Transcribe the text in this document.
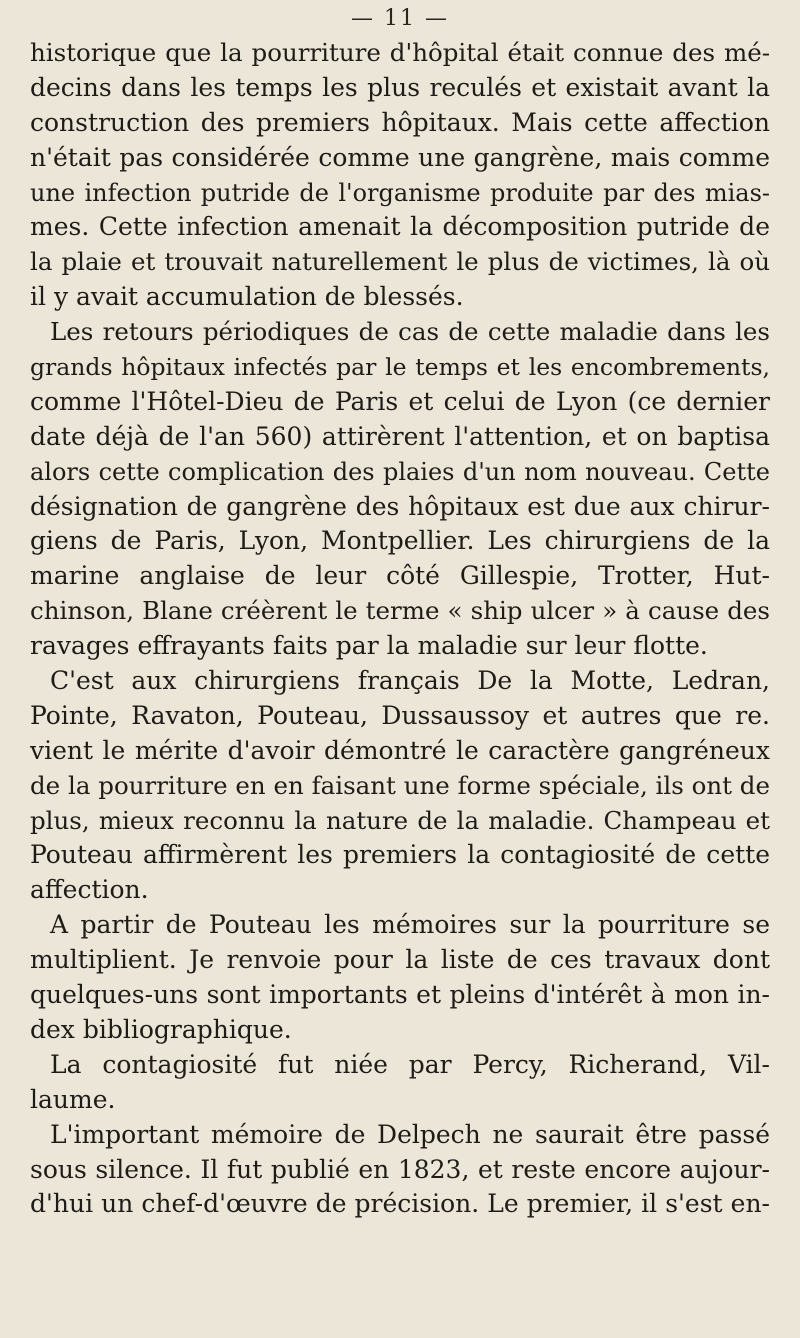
— 11 —
historique que la pourriture d'hôpital était connue des mé-
decins dans les temps les plus reculés et existait avant la
construction des premiers hôpitaux. Mais cette affection
n'était pas considérée comme une gangrène, mais comme
une infection putride de l'organisme produite par des mias-
mes. Cette infection amenait la décomposition putride de
la plaie et trouvait naturellement le plus de victimes, là où
il y avait accumulation de blessés.
Les retours périodiques de cas de cette maladie dans les
grands hôpitaux infectés par le temps et les encombrements,
comme l'Hôtel-Dieu de Paris et celui de Lyon (ce dernier
date déjà de l'an 560) attirèrent l'attention, et on baptisa
alors cette complication des plaies d'un nom nouveau. Cette
désignation de gangrène des hôpitaux est due aux chirur-
giens de Paris, Lyon, Montpellier. Les chirurgiens de la
marine anglaise de leur côté Gillespie, Trotter, Hut-
chinson, Blane créèrent le terme « ship ulcer » à cause des
ravages effrayants faits par la maladie sur leur flotte.
C'est aux chirurgiens français De la Motte, Ledran,
Pointe, Ravaton, Pouteau, Dussaussoy et autres que re.
vient le mérite d'avoir démontré le caractère gangréneux
de la pourriture en en faisant une forme spéciale, ils ont de
plus, mieux reconnu la nature de la maladie. Champeau et
Pouteau affirmèrent les premiers la contagiosité de cette
affection.
A partir de Pouteau les mémoires sur la pourriture se
multiplient. Je renvoie pour la liste de ces travaux dont
quelques-uns sont importants et pleins d'intérêt à mon in-
dex bibliographique.
La contagiosité fut niée par Percy, Richerand, Vil-
laume.
L'important mémoire de Delpech ne saurait être passé
sous silence. Il fut publié en 1823, et reste encore aujour-
d'hui un chef-d'œuvre de précision. Le premier, il s'est en-
